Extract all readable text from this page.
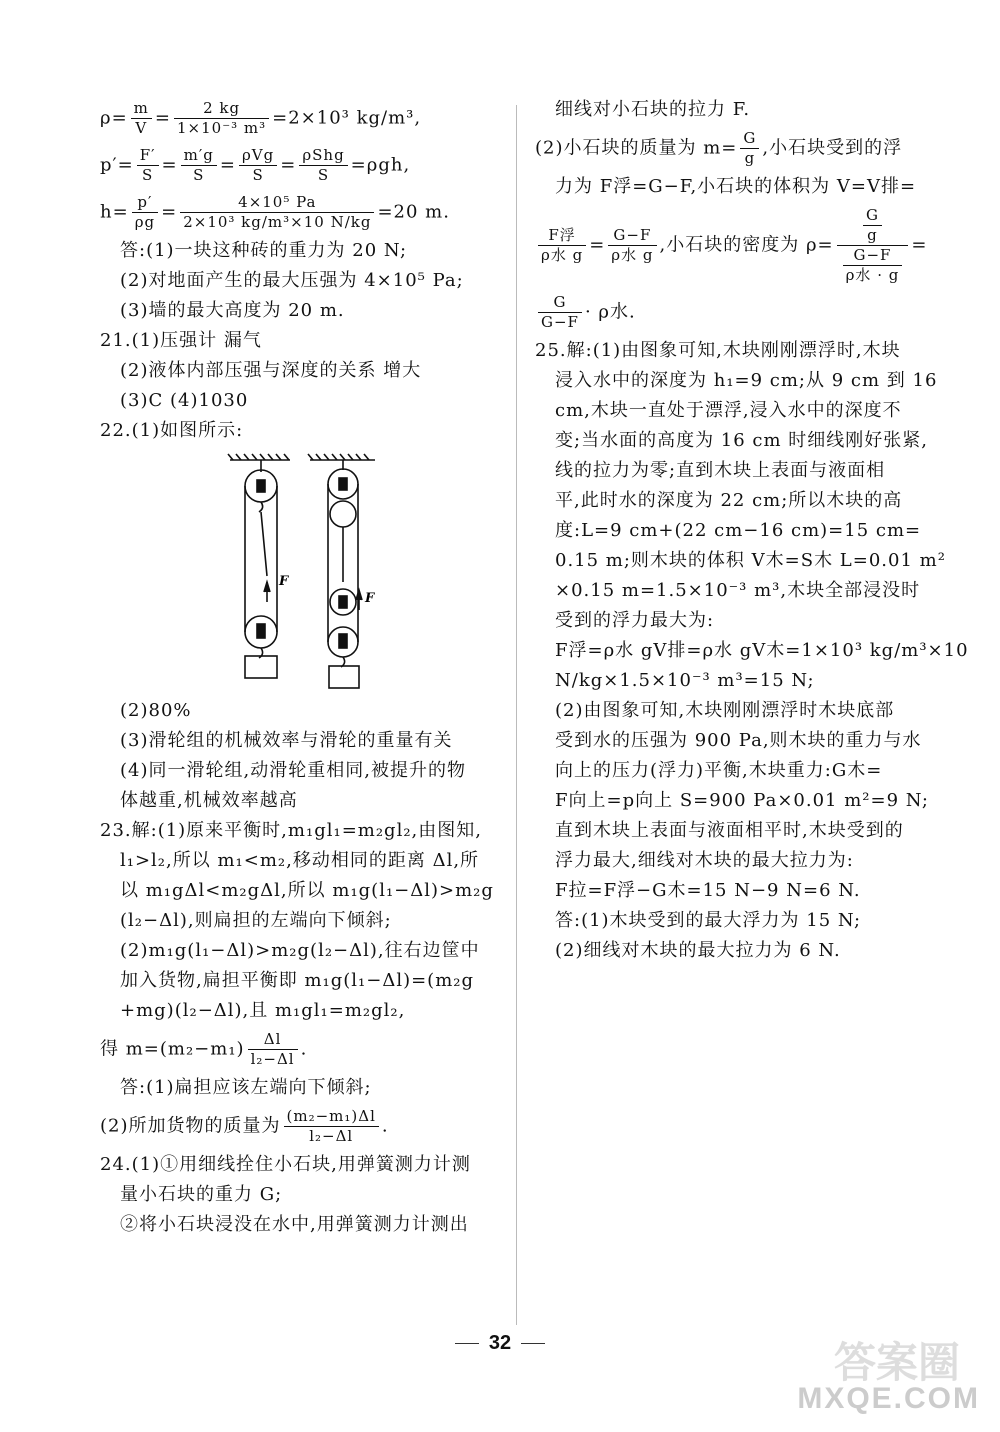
$\rho= \frac{m}{V} = \frac{2 kg}{\text{1×10⁻³ m³}} =2\times 10^3$ kg/m³,
$p'= \frac{F'}{S} = \frac{m'g}{S} = \frac{\text{ρVg}}{S} = \frac{\text{ρShg}}{S} =\rho gh$,
$h= \frac{p'}{\rho g} = \frac{\text{4×10⁵ Pa}}{\text{2×10³ kg/m³×10 N/kg}} =20$ m.
答:(1)一块这种砖的重力为 20 N;
(2)对地面产生的最大压强为 4×10⁵ Pa;
(3)墙的最大高度为 20 m.
21.(1)压强计 漏气
(2)液体内部压强与深度的关系 增大
(3)C (4)1030
22.(1)如图所示:
F
F
(2)80%
(3)滑轮组的机械效率与滑轮的重量有关
(4)同一滑轮组,动滑轮重相同,被提升的物
体越重,机械效率越高
23.解:(1)原来平衡时,m₁gl₁=m₂gl₂,由图知,
l₁>l₂,所以 m₁<m₂,移动相同的距离 Δl,所
以 m₁gΔl<m₂gΔl,所以 m₁g(l₁−Δl)>m₂g
(l₂−Δl),则扁担的左端向下倾斜;
(2)m₁g(l₁−Δl)>m₂g(l₂−Δl),往右边筐中
加入货物,扁担平衡即 m₁g(l₁−Δl)=(m₂g
+mg)(l₂−Δl),且 m₁gl₁=m₂gl₂,
得 $m=(m_2-m_1) \frac{\Delta l}{\text{l₂−Δl}}$ .
答:(1)扁担应该左端向下倾斜;
(2)所加货物的质量为 $\frac{\text{(m₂−m₁)Δl}}{\text{l₂−Δl}}$ .
24.(1)①用细线拴住小石块,用弹簧测力计测
量小石块的重力 G;
②将小石块浸没在水中,用弹簧测力计测出
细线对小石块的拉力 F.
(2)小石块的质量为 $m= \frac{G}{g}$ ,小石块受到的浮
力为 F浮=G−F,小石块的体积为 V=V排=
$\frac{\text{F浮}}{\text{ρ水 g}} = \frac{G-F}{\text{ρ水 g}}$ ,小石块的密度为 $\rho= \frac{\frac{G}{g}}{\frac{G-F}{\text{ρ水 · g}}}$ =
$\frac{G}{G-F} \cdot \rho$水.
25.解:(1)由图象可知,木块刚刚漂浮时,木块
浸入水中的深度为 h₁=9 cm;从 9 cm 到 16
cm,木块一直处于漂浮,浸入水中的深度不
变;当水面的高度为 16 cm 时细线刚好张紧,
线的拉力为零;直到木块上表面与液面相
平,此时水的深度为 22 cm;所以木块的高
度:L=9 cm+(22 cm−16 cm)=15 cm=
0.15 m;则木块的体积 V木=S木 L=0.01 m²
×0.15 m=1.5×10⁻³ m³,木块全部浸没时
受到的浮力最大为:
F浮=ρ水 gV排=ρ水 gV木=1×10³ kg/m³×10
N/kg×1.5×10⁻³ m³=15 N;
(2)由图象可知,木块刚刚漂浮时木块底部
受到水的压强为 900 Pa,则木块的重力与水
向上的压力(浮力)平衡,木块重力:G木=
F向上=p向上 S=900 Pa×0.01 m²=9 N;
直到木块上表面与液面相平时,木块受到的
浮力最大,细线对木块的最大拉力为:
F拉=F浮−G木=15 N−9 N=6 N.
答:(1)木块受到的最大浮力为 15 N;
(2)细线对木块的最大拉力为 6 N.
32	答案圈
MXQE.COM
